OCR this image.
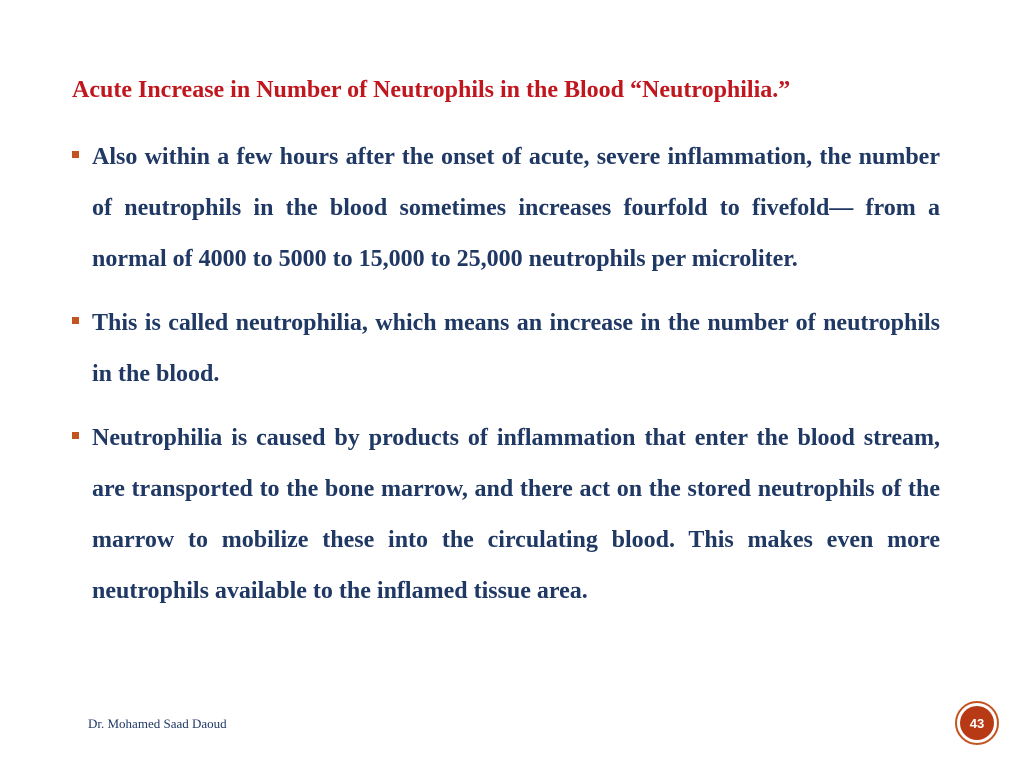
Acute Increase in Number of Neutrophils in the Blood “Neutrophilia.”
Also within a few hours after the onset of acute, severe inflammation, the number of neutrophils in the blood sometimes increases fourfold to fivefold— from a normal of 4000 to 5000 to 15,000 to 25,000 neutrophils per microliter.
This is called neutrophilia, which means an increase in the number of neutrophils in the blood.
Neutrophilia is caused by products of inflammation that enter the blood stream, are transported to the bone marrow, and there act on the stored neutrophils of the marrow to mobilize these into the circulating blood. This makes even more neutrophils available to the inflamed tissue area.
Dr. Mohamed Saad Daoud	43
